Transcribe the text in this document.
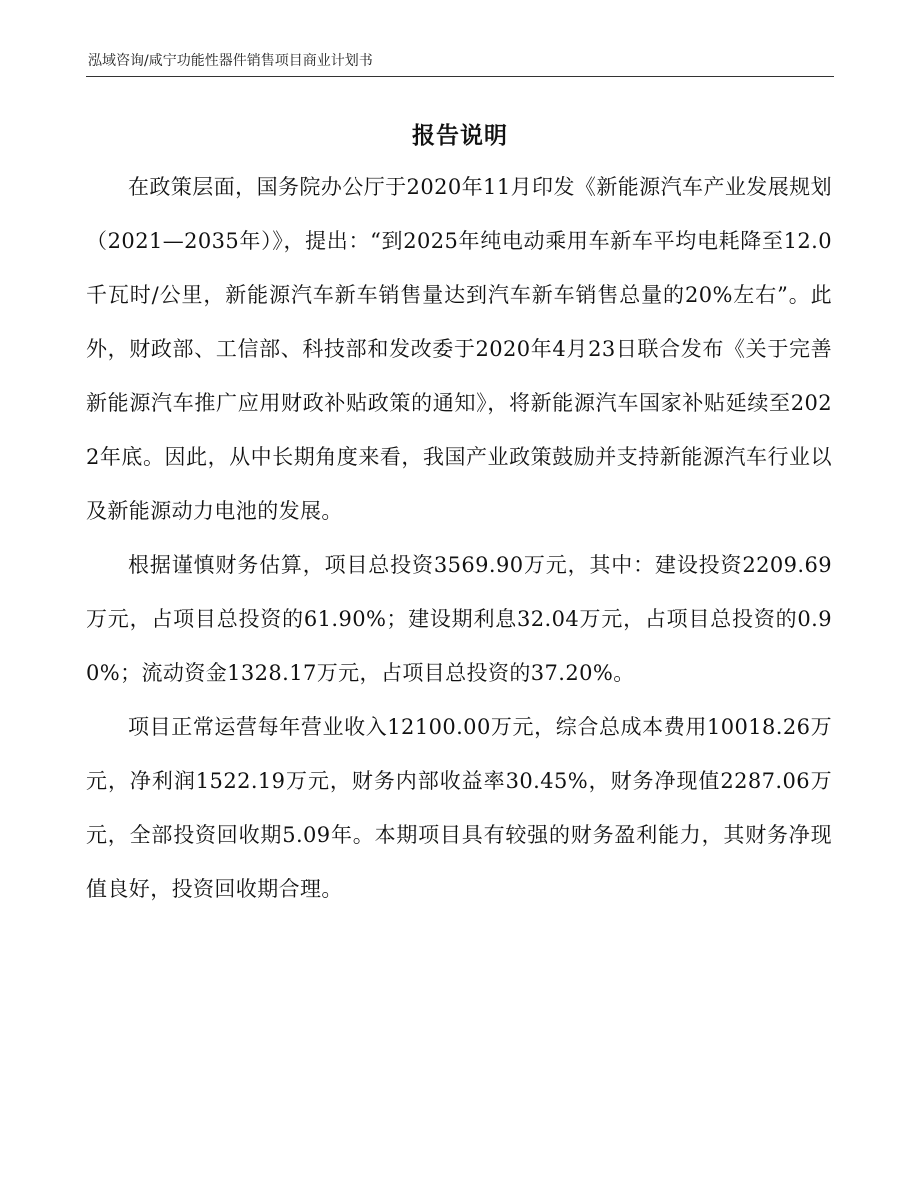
泓域咨询/咸宁功能性器件销售项目商业计划书
报告说明

在政策层面，国务院办公厅于2020年11月印发《新能源汽车产业发展规划（2021—2035年）》，提出：“到2025年纯电动乘用车新车平均电耗降至12.0千瓦时/公里，新能源汽车新车销售量达到汽车新车销售总量的20%左右”。此外，财政部、工信部、科技部和发改委于2020年4月23日联合发布《关于完善新能源汽车推广应用财政补贴政策的通知》，将新能源汽车国家补贴延续至2022年底。因此，从中长期角度来看，我国产业政策鼓励并支持新能源汽车行业以及新能源动力电池的发展。

根据谨慎财务估算，项目总投资3569.90万元，其中：建设投资2209.69万元，占项目总投资的61.90%；建设期利息32.04万元，占项目总投资的0.90%；流动资金1328.17万元，占项目总投资的37.20%。

项目正常运营每年营业收入12100.00万元，综合总成本费用10018.26万元，净利润1522.19万元，财务内部收益率30.45%，财务净现值2287.06万元，全部投资回收期5.09年。本期项目具有较强的财务盈利能力，其财务净现值良好，投资回收期合理。
